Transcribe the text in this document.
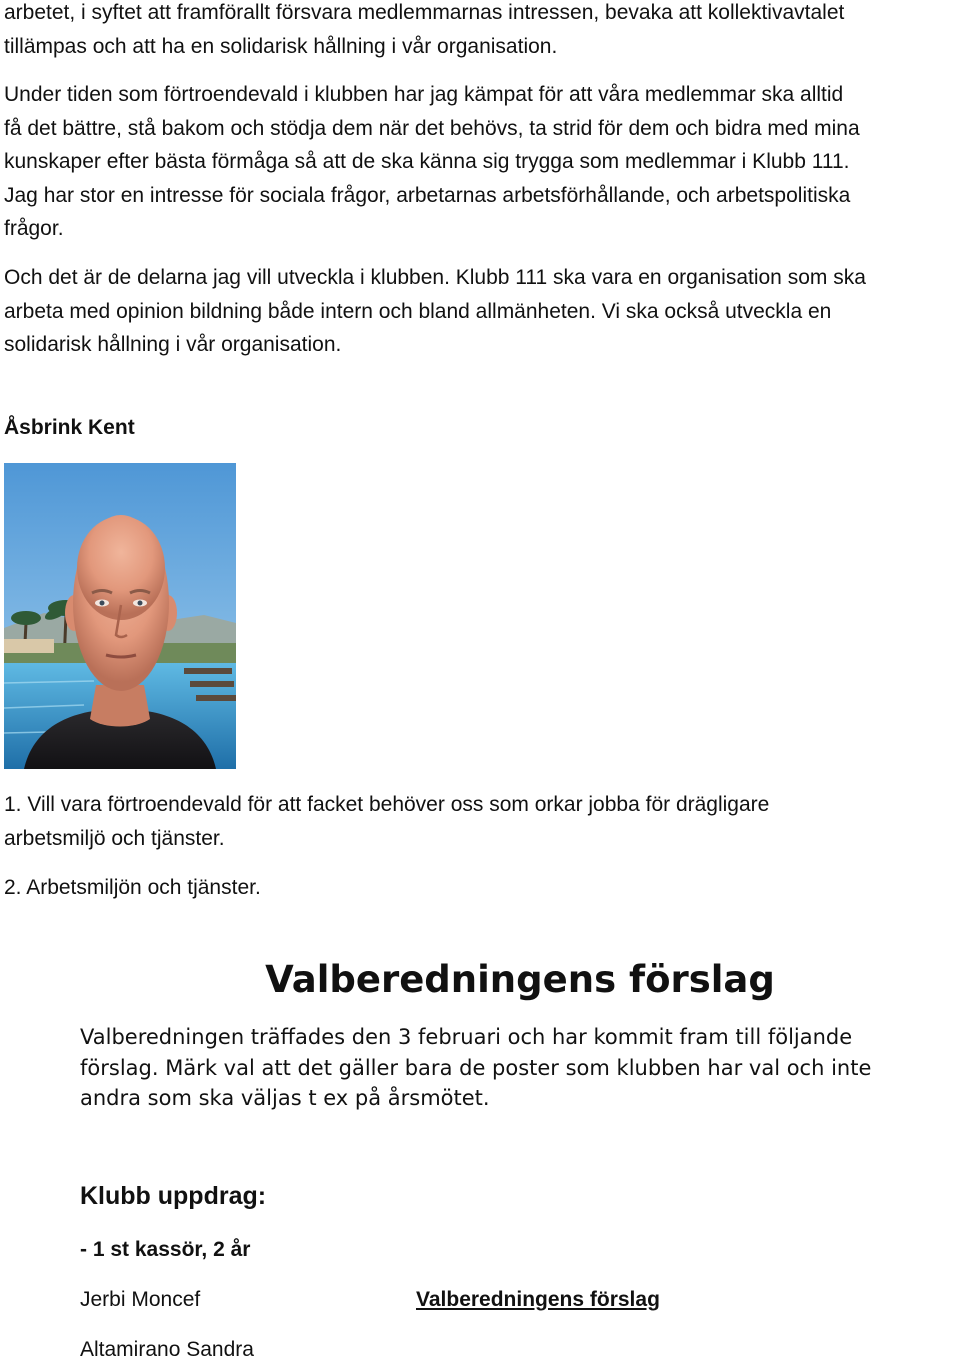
arbetet, i syftet att framförallt försvara medlemmarnas intressen, bevaka att kollektivavtalet
tillämpas och att ha en solidarisk hållning i vår organisation.
Under tiden som förtroendevald i klubben har jag kämpat för att våra medlemmar ska alltid
få det bättre, stå bakom och stödja dem när det behövs, ta strid för dem och bidra med mina
kunskaper efter bästa förmåga så att de ska känna sig trygga som medlemmar i Klubb 111.
Jag har stor en intresse för sociala frågor, arbetarnas arbetsförhållande, och arbetspolitiska
frågor.
Och det är de delarna jag vill utveckla i klubben. Klubb 111 ska vara en organisation som ska
arbeta med opinion bildning både intern och bland allmänheten. Vi ska också utveckla en
solidarisk hållning i vår organisation.
Åsbrink Kent
1. Vill vara förtroendevald för att facket behöver oss som orkar jobba för drägligare
arbetsmiljö och tjänster.
2. Arbetsmiljön och tjänster.
Valberedningens förslag
Valberedningen träffades den 3 februari och har kommit fram till följande
förslag. Märk val att det gäller bara de poster som klubben har val och inte
andra som ska väljas t ex på årsmötet.
Klubb uppdrag:

- 1 st kassör, 2 år

Jerbi Moncef	Valberedningens förslag

Altamirano Sandra
